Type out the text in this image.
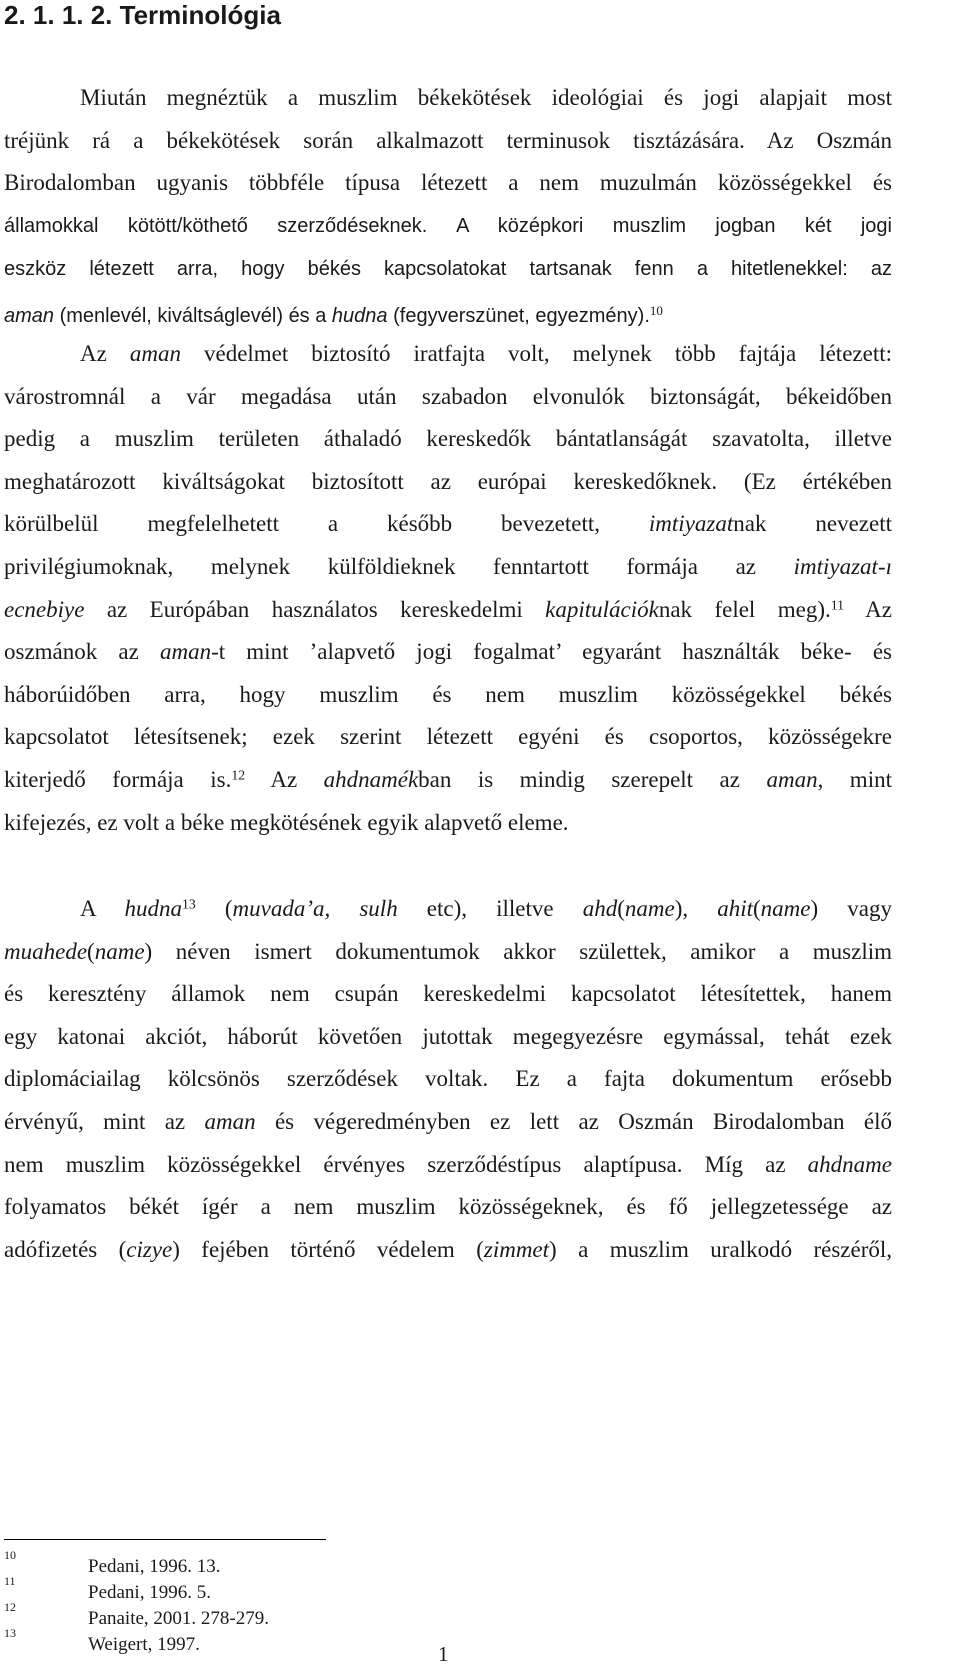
2. 1. 1. 2. Terminológia
Miután megnéztük a muszlim békekötések ideológiai és jogi alapjait most
tréjünk rá a békekötések során alkalmazott terminusok tisztázására. Az Oszmán
Birodalomban ugyanis többféle típusa létezett a nem muzulmán közösségekkel és
államokkal kötött/köthető szerződéseknek. A középkori muszlim jogban két jogi
eszköz létezett arra, hogy békés kapcsolatokat tartsanak fenn a hitetlenekkel: az
aman (menlevél, kiváltságlevél) és a hudna (fegyverszünet, egyezmény).$^{10}$
Az aman védelmet biztosító iratfajta volt, melynek több fajtája létezett:
várostromnál a vár megadása után szabadon elvonulók biztonságát, békeidőben
pedig a muszlim területen áthaladó kereskedők bántatlanságát szavatolta, illetve
meghatározott kiváltságokat biztosított az európai kereskedőknek. (Ez értékében
körülbelül megfelelhetett a később bevezetett, imtiyazatnak nevezett
privilégiumoknak, melynek külföldieknek fenntartott formája az imtiyazat-ı
ecnebiye az Európában használatos kereskedelmi kapitulációknak felel meg).$^{11}$ Az
oszmánok az aman-t mint ’alapvető jogi fogalmat’ egyaránt használták béke- és
háborúidőben arra, hogy muszlim és nem muszlim közösségekkel békés
kapcsolatot létesítsenek; ezek szerint létezett egyéni és csoportos, közösségekre
kiterjedő formája is.$^{12}$ Az ahdnamékban is mindig szerepelt az aman, mint
kifejezés, ez volt a béke megkötésének egyik alapvető eleme.
A hudna$^{13}$ (muvada’a, sulh etc), illetve ahd(name), ahit(name) vagy
muahede(name) néven ismert dokumentumok akkor születtek, amikor a muszlim
és keresztény államok nem csupán kereskedelmi kapcsolatot létesítettek, hanem
egy katonai akciót, háborút követően jutottak megegyezésre egymással, tehát ezek
diplomáciailag kölcsönös szerződések voltak. Ez a fajta dokumentum erősebb
érvényű, mint az aman és végeredményben ez lett az Oszmán Birodalomban élő
nem muszlim közösségekkel érvényes szerződéstípus alaptípusa. Míg az ahdname
folyamatos békét ígér a nem muszlim közösségeknek, és fő jellegzetessége az
adófizetés (cizye) fejében történő védelem (zimmet) a muszlim uralkodó részéről,
10
Pedani, 1996. 13.
11
Pedani, 1996. 5.
12
Panaite, 2001. 278-279.
13
Weigert, 1997.	1
